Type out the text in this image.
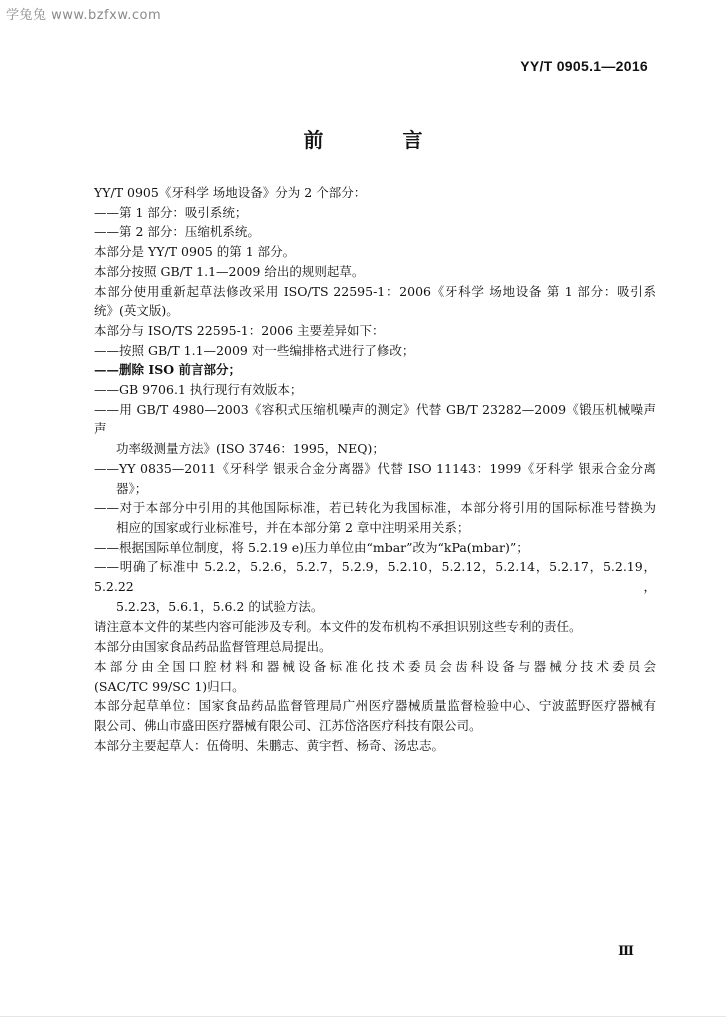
学兔兔 www.bzfxw.com
YY/T 0905.1—2016
前 言

YY/T 0905《牙科学 场地设备》分为 2 个部分：

——第 1 部分：吸引系统；

——第 2 部分：压缩机系统。

本部分是 YY/T 0905 的第 1 部分。

本部分按照 GB/T 1.1—2009 给出的规则起草。

本部分使用重新起草法修改采用 ISO/TS 22595-1：2006《牙科学 场地设备 第 1 部分：吸引系

统》(英文版)。

本部分与 ISO/TS 22595-1：2006 主要差异如下：

——按照 GB/T 1.1—2009 对一些编排格式进行了修改；

——删除 ISO 前言部分；

——GB 9706.1 执行现行有效版本；

——用 GB/T 4980—2003《容积式压缩机噪声的测定》代替 GB/T 23282—2009《锻压机械噪声声

功率级测量方法》(ISO 3746：1995，NEQ)；

——YY 0835—2011《牙科学 银汞合金分离器》代替 ISO 11143：1999《牙科学 银汞合金分离

器》；

——对于本部分中引用的其他国际标准，若已转化为我国标准，本部分将引用的国际标准号替换为

相应的国家或行业标准号，并在本部分第 2 章中注明采用关系；

——根据国际单位制度，将 5.2.19 e)压力单位由“mbar”改为“kPa(mbar)”；

——明确了标准中 5.2.2，5.2.6，5.2.7，5.2.9，5.2.10，5.2.12，5.2.14，5.2.17，5.2.19，5.2.22，

5.2.23，5.6.1，5.6.2 的试验方法。

请注意本文件的某些内容可能涉及专利。本文件的发布机构不承担识别这些专利的责任。

本部分由国家食品药品监督管理总局提出。

本部分由全国口腔材料和器械设备标准化技术委员会齿科设备与器械分技术委员会

(SAC/TC 99/SC 1)归口。

本部分起草单位：国家食品药品监督管理局广州医疗器械质量监督检验中心、宁波蓝野医疗器械有

限公司、佛山市盛田医疗器械有限公司、江苏岱洛医疗科技有限公司。

本部分主要起草人：伍倚明、朱鹏志、黄宇哲、杨奇、汤忠志。

Ⅲ
